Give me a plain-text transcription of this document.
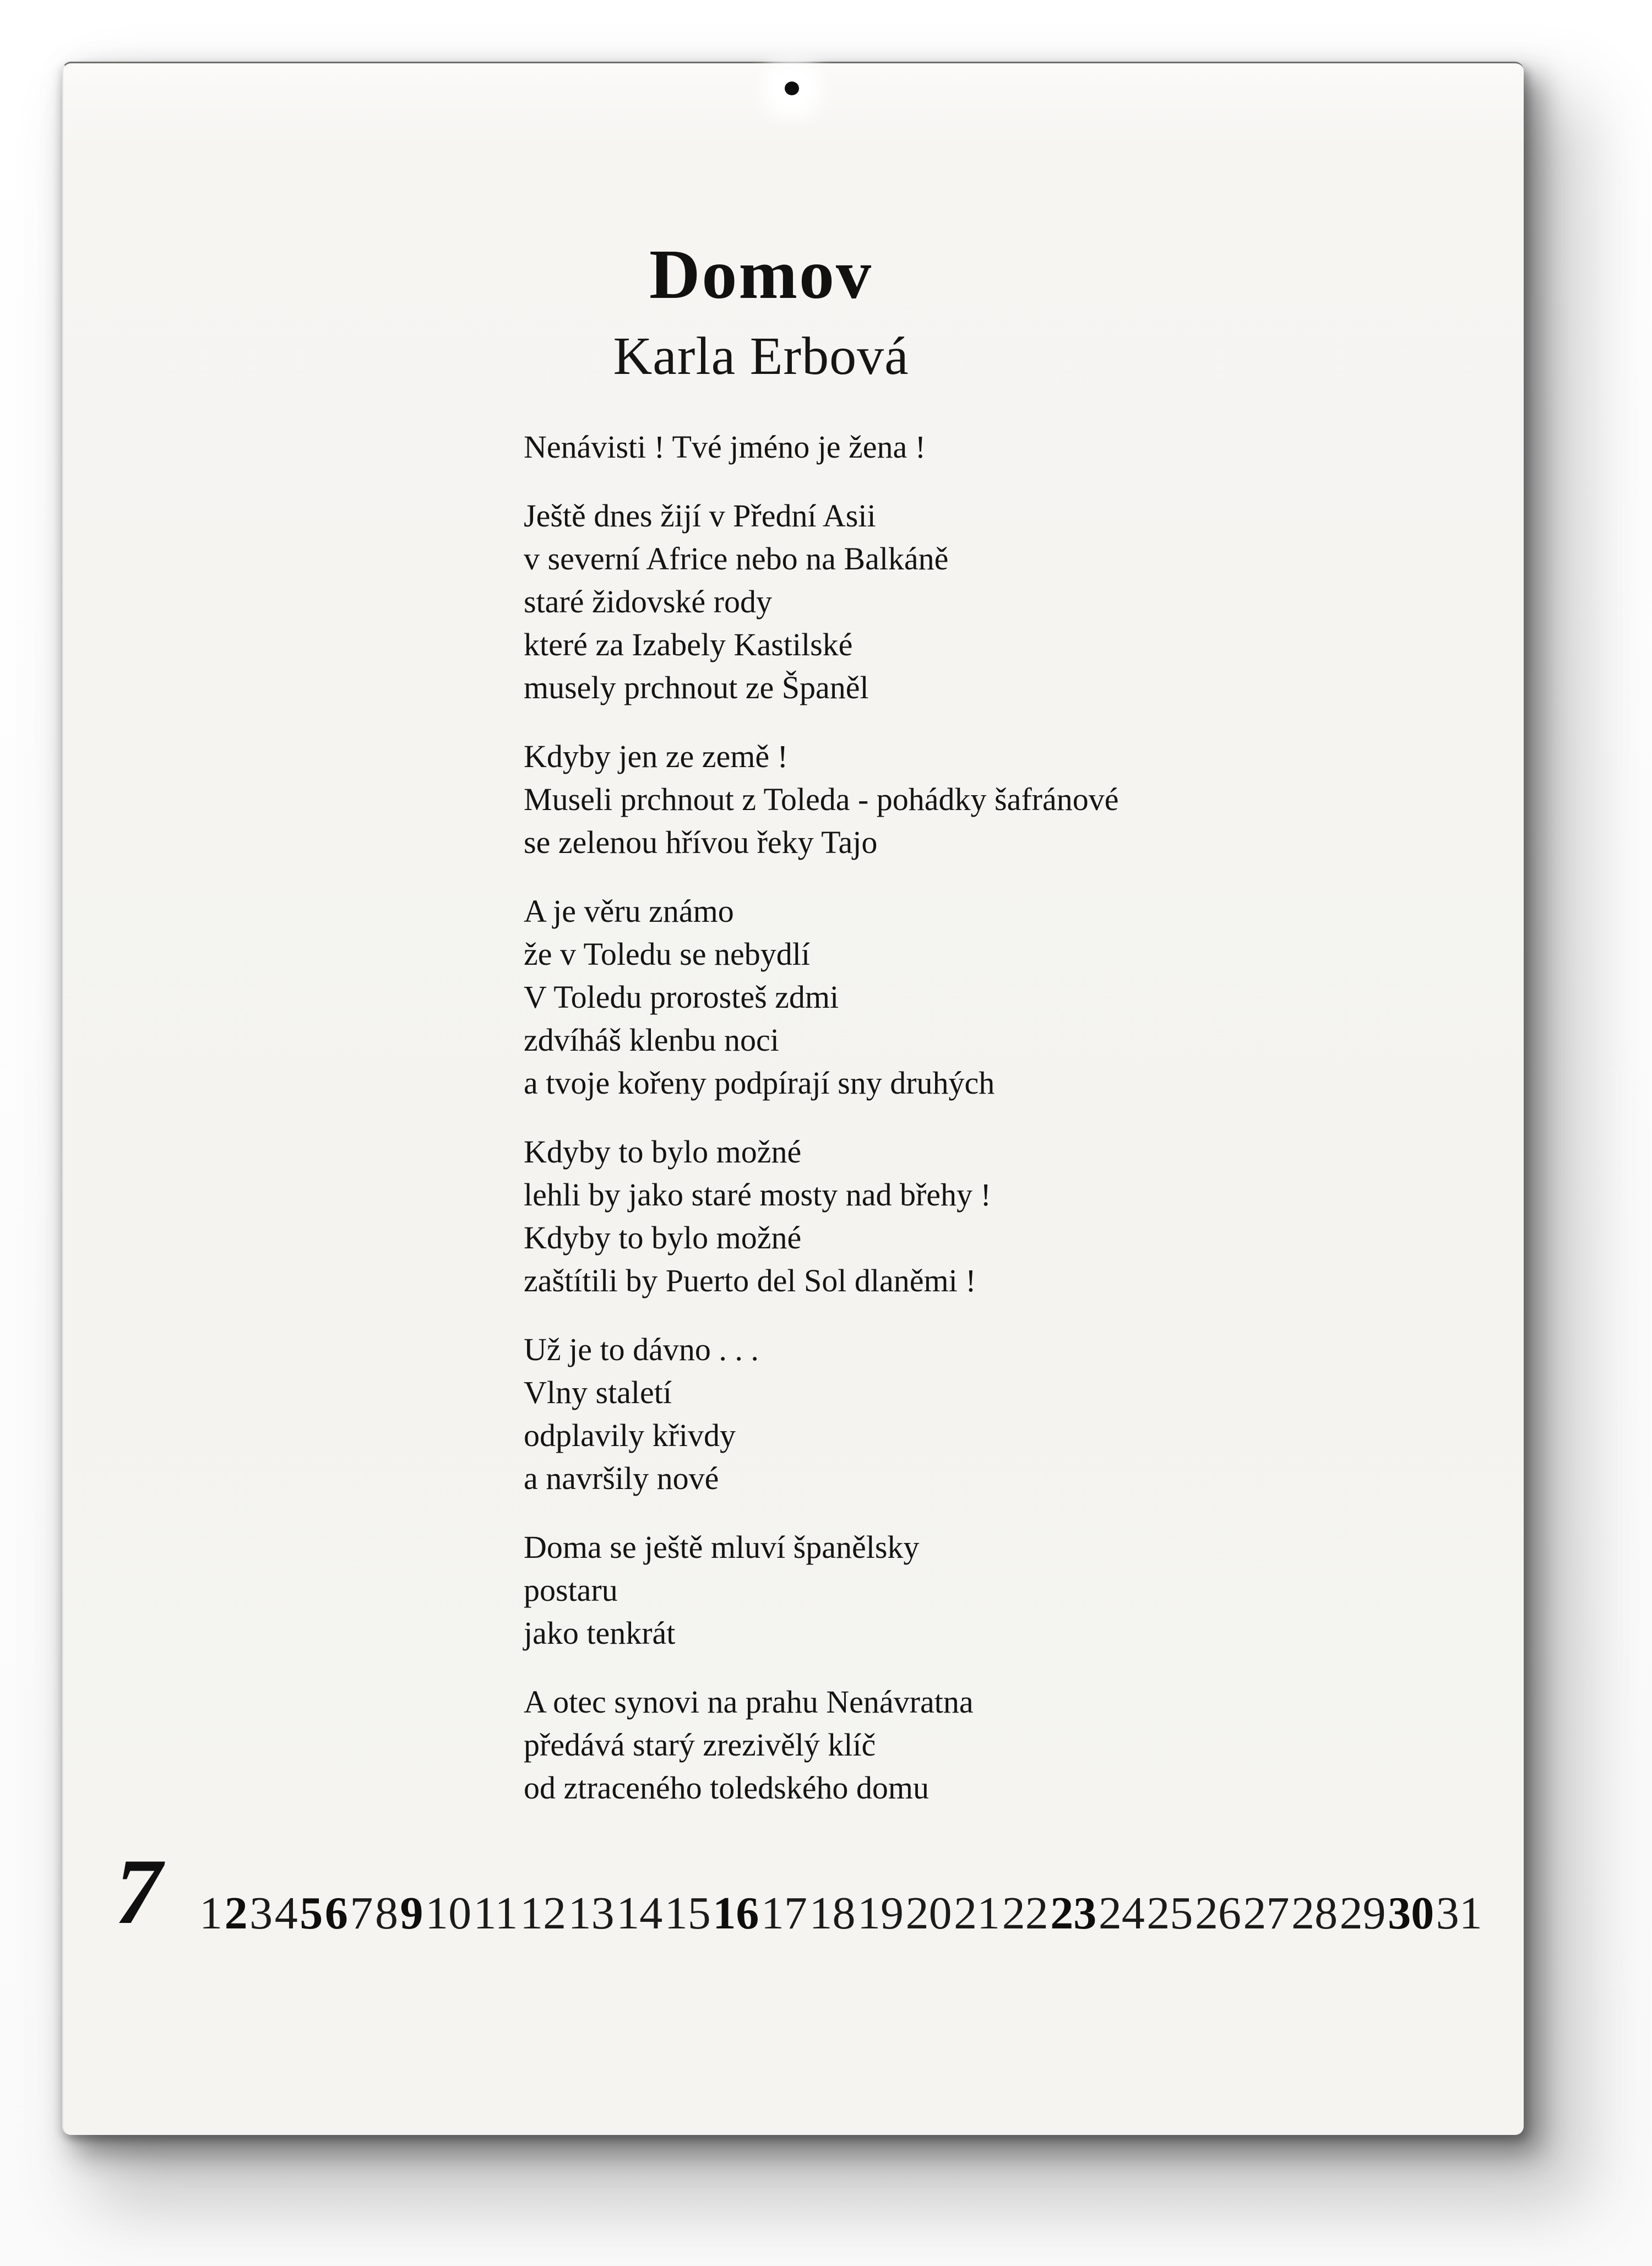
Domov
Karla Erbová
Nenávisti ! Tvé jméno je žena !
Ještě dnes žijí v Přední Asii
v severní Africe nebo na Balkáně
staré židovské rody
které za Izabely Kastilské
musely prchnout ze Španěl
Kdyby jen ze země !
Museli prchnout z Toleda - pohádky šafránové
se zelenou hřívou řeky Tajo
A je věru známo
že v Toledu se nebydlí
V Toledu prorosteš zdmi
zdvíháš klenbu noci
a tvoje kořeny podpírají sny druhých
Kdyby to bylo možné
lehli by jako staré mosty nad břehy !
Kdyby to bylo možné
zaštítili by Puerto del Sol dlaněmi !
Už je to dávno . . .
Vlny staletí
odplavily křivdy
a navršily nové
Doma se ještě mluví španělsky
postaru
jako tenkrát
A otec synovi na prahu Nenávratna
předává starý zrezivělý klíč
od ztraceného toledského domu
7 1 2 3 4 5 6 7 8 9 10 11 12 13 14 15 16 17 18 19 20 21 22 23 24 25 26 27 28 29 30 31
